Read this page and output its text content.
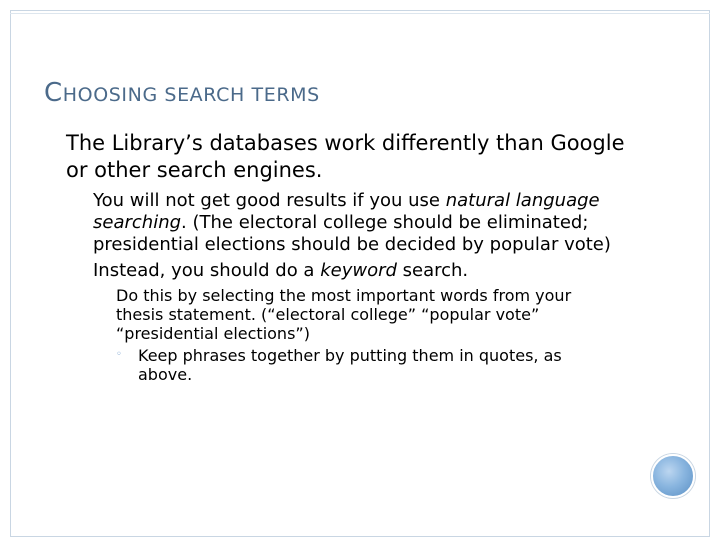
CHOOSING SEARCH TERMS

The Library’s databases work differently than Google or other search engines.

You will not get good results if you use natural language searching. (The electoral college should be eliminated; presidential elections should be decided by popular vote)

Instead, you should do a keyword search.

Do this by selecting the most important words from your thesis statement. (“electoral college” “popular vote” “presidential elections”)

◦ Keep phrases together by putting them in quotes, as above.
